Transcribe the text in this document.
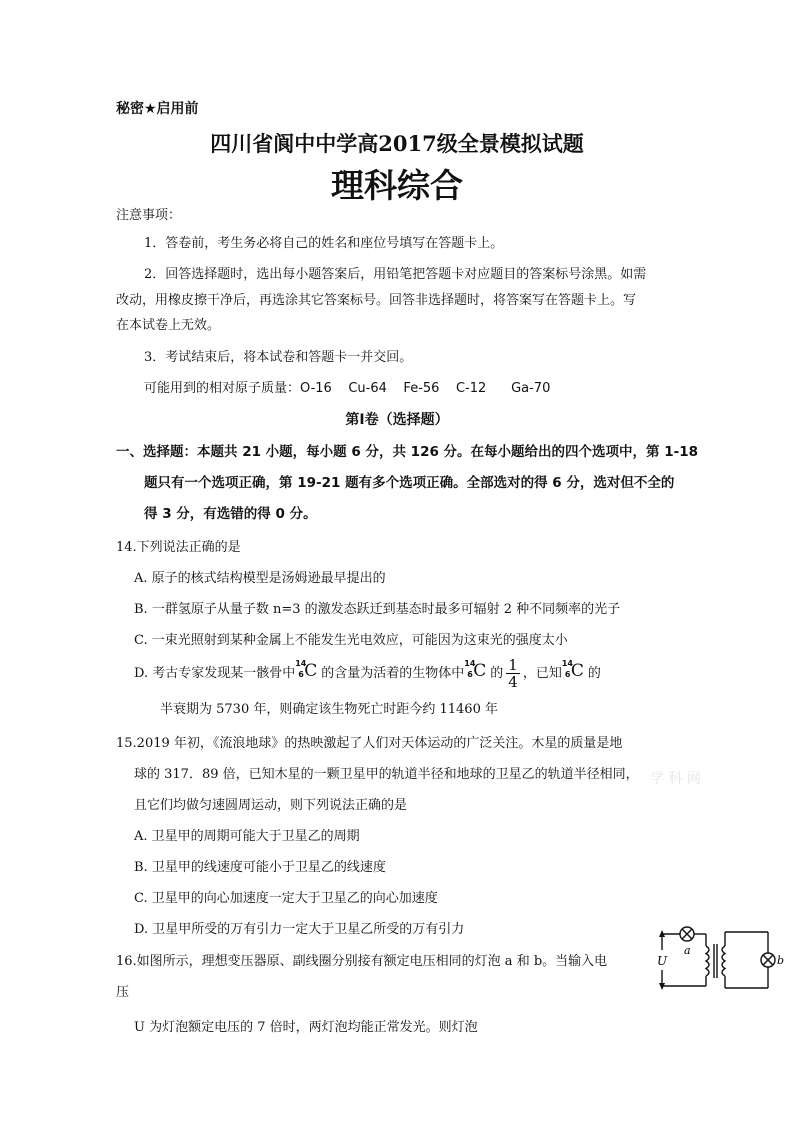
秘密★启用前
四川省阆中中学高2017级全景模拟试题
理科综合
注意事项：
1．答卷前，考生务必将自己的姓名和座位号填写在答题卡上。
2．回答选择题时，选出每小题答案后，用铅笔把答题卡对应题目的答案标号涂黑。如需
改动，用橡皮擦干净后，再选涂其它答案标号。回答非选择题时，将答案写在答题卡上。写
在本试卷上无效。
3．考试结束后，将本试卷和答题卡一并交回。
可能用到的相对原子质量：O-16    Cu-64    Fe-56    C-12      Ga-70
第Ⅰ卷（选择题）
一、选择题：本题共 21 小题，每小题 6 分，共 126 分。在每小题给出的四个选项中，第 1-18
题只有一个选项正确，第 19-21 题有多个选项正确。全部选对的得 6 分，选对但不全的
得 3 分，有选错的得 0 分。
14.下列说法正确的是
A. 原子的核式结构模型是汤姆逊最早提出的
B. 一群氢原子从量子数 n=3 的激发态跃迁到基态时最多可辐射 2 种不同频率的光子
C. 一束光照射到某种金属上不能发生光电效应，可能因为这束光的强度太小
D. 考古专家发现某一骸骨中
14
6 C 的含量为活着的生物体中
14
6 C 的 $\frac{1}{4}$ ，已知
14
6 C 的
半衰期为 5730 年，则确定该生物死亡时距今约 11460 年
15.2019 年初，《流浪地球》的热映激起了人们对天体运动的广泛关注。木星的质量是地
球的 317．89 倍，已知木星的一颗卫星甲的轨道半径和地球的卫星乙的轨道半径相同，
且它们均做匀速圆周运动，则下列说法正确的是
A. 卫星甲的周期可能大于卫星乙的周期
B. 卫星甲的线速度可能小于卫星乙的线速度
C. 卫星甲的向心加速度一定大于卫星乙的向心加速度
D. 卫星甲所受的万有引力一定大于卫星乙所受的万有引力
学 科 网
16.如图所示，理想变压器原、副线圈分别接有额定电压相同的灯泡 a 和 b。当输入电
压
U 为灯泡额定电压的 7 倍时，两灯泡均能正常发光。则灯泡
U
a
b
